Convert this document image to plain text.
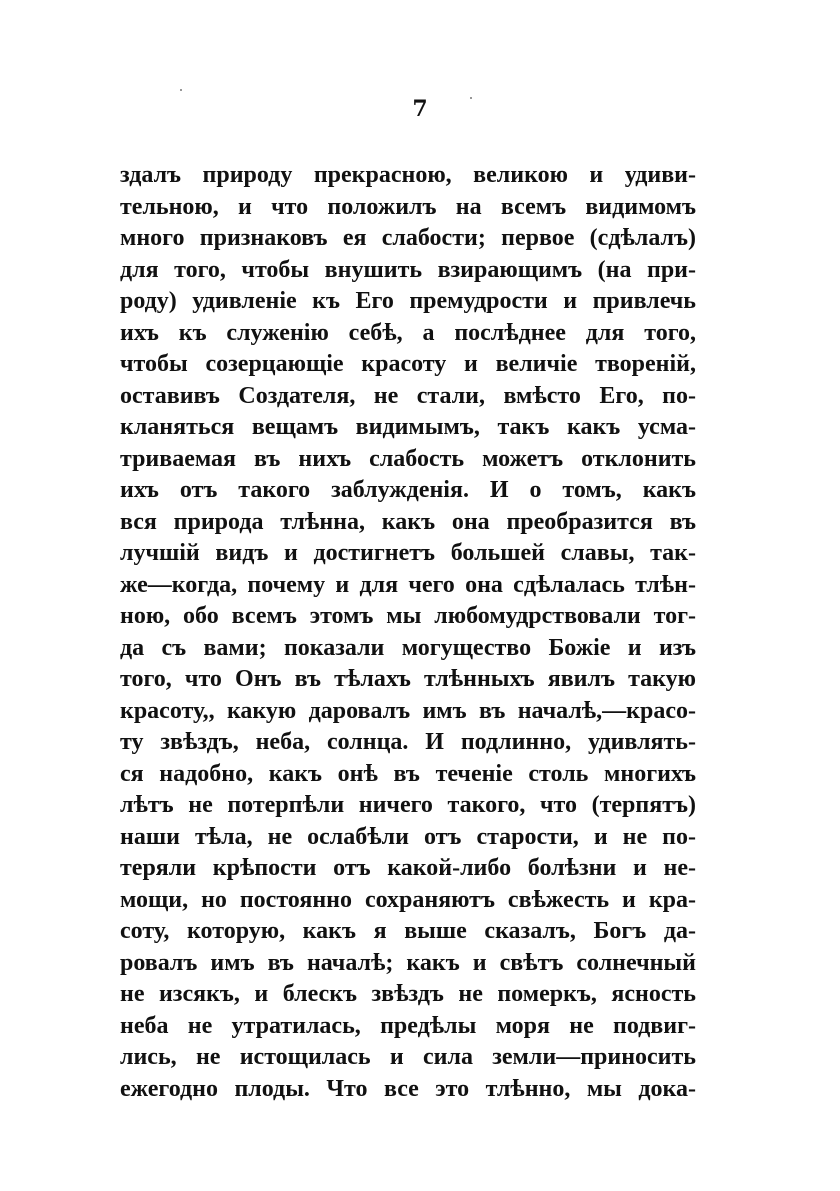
7
здалъ природу прекрасною, великою и удиви-
тельною, и что положилъ на всемъ видимомъ
много признаковъ ея слабости; первое (сдѣлалъ)
для того, чтобы внушить взирающимъ (на при-
роду) удивленіе къ Его премудрости и привлечь
ихъ къ служенію себѣ, а послѣднее для того,
чтобы созерцающіе красоту и величіе твореній,
оставивъ Создателя, не стали, вмѣсто Его, по-
кланяться вещамъ видимымъ, такъ какъ усма-
триваемая въ нихъ слабость можетъ отклонить
ихъ отъ такого заблужденія. И о томъ, какъ
вся природа тлѣнна, какъ она преобразится въ
лучшій видъ и достигнетъ большей славы, так-
же—когда, почему и для чего она сдѣлалась тлѣн-
ною, обо всемъ этомъ мы любомудрствовали тог-
да съ вами; показали могущество Божіе и изъ
того, что Онъ въ тѣлахъ тлѣнныхъ явилъ такую
красоту,, какую даровалъ имъ въ началѣ,—красо-
ту звѣздъ, неба, солнца. И подлинно, удивлять-
ся надобно, какъ онѣ въ теченіе столь многихъ
лѣтъ не потерпѣли ничего такого, что (терпятъ)
наши тѣла, не ослабѣли отъ старости, и не по-
теряли крѣпости отъ какой-либо болѣзни и не-
мощи, но постоянно сохраняютъ свѣжесть и кра-
соту, которую, какъ я выше сказалъ, Богъ да-
ровалъ имъ въ началѣ; какъ и свѣтъ солнечный
не изсякъ, и блескъ звѣздъ не померкъ, ясность
неба не утратилась, предѣлы моря не подвиг-
лись, не истощилась и сила земли—приносить
ежегодно плоды. Что все это тлѣнно, мы дока-
